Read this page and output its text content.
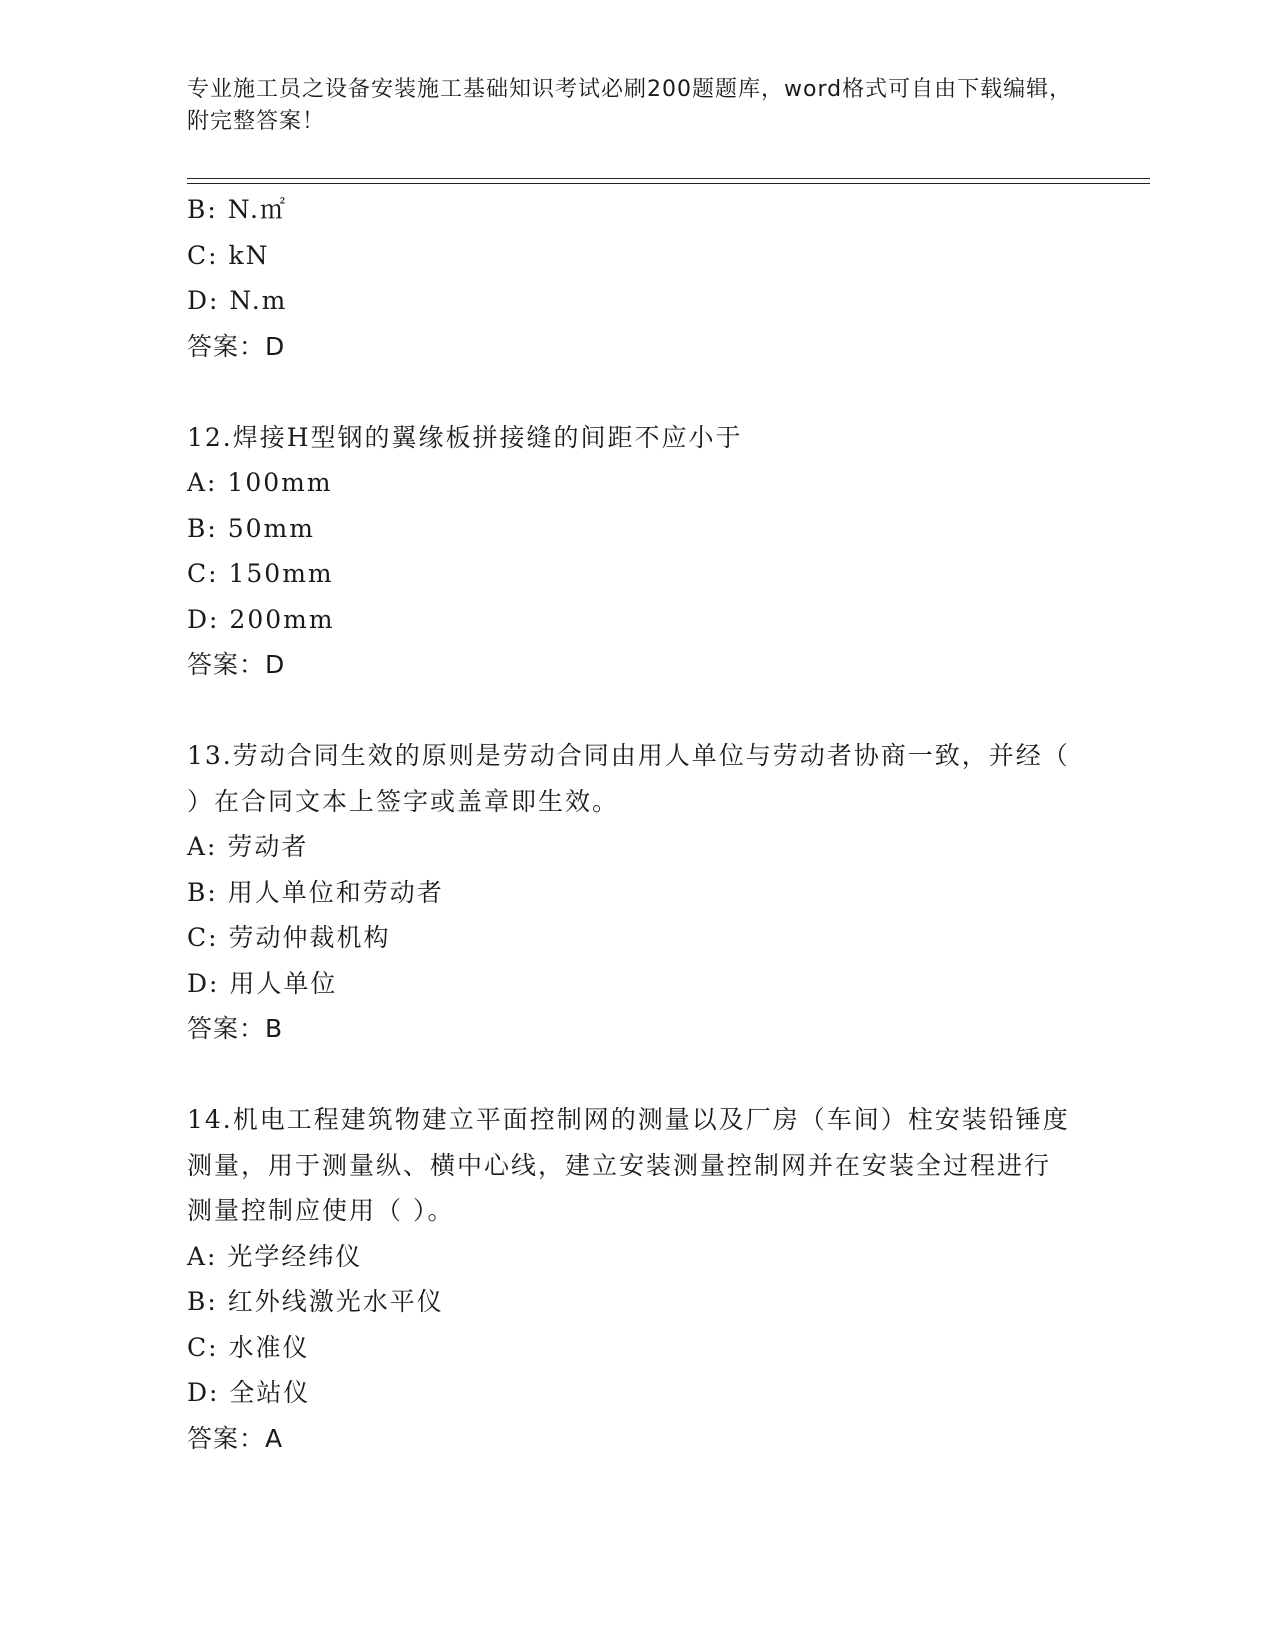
专业施工员之设备安装施工基础知识考试必刷200题题库，word格式可自由下载编辑，附完整答案！
B: N.㎡
C: kN
D: N.m
答案：D
12.焊接H型钢的翼缘板拼接缝的间距不应小于
A: 100mm
B: 50mm
C: 150mm
D: 200mm
答案：D
13.劳动合同生效的原则是劳动合同由用人单位与劳动者协商一致，并经（ ）在合同文本上签字或盖章即生效。
A: 劳动者
B: 用人单位和劳动者
C: 劳动仲裁机构
D: 用人单位
答案：B
14.机电工程建筑物建立平面控制网的测量以及厂房（车间）柱安装铅锤度测量，用于测量纵、横中心线，建立安装测量控制网并在安装全过程进行测量控制应使用（ ）。
A: 光学经纬仪
B: 红外线激光水平仪
C: 水准仪
D: 全站仪
答案：A
